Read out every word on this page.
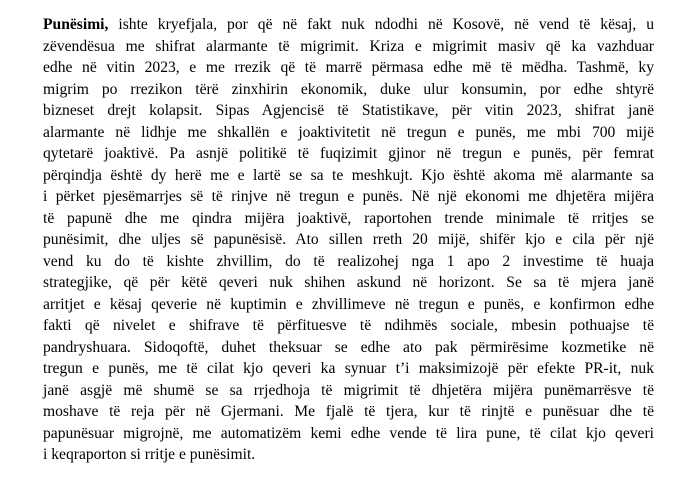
Punësimi, ishte kryefjala, por që në fakt nuk ndodhi në Kosovë, në vend të kësaj, u
zëvendësua me shifrat alarmante të migrimit. Kriza e migrimit masiv që ka vazhduar
edhe në vitin 2023, e me rrezik që të marrë përmasa edhe më të mëdha. Tashmë, ky
migrim po rrezikon tërë zinxhirin ekonomik, duke ulur konsumin, por edhe shtyrë
bizneset drejt kolapsit. Sipas Agjencisë të Statistikave, për vitin 2023, shifrat janë
alarmante në lidhje me shkallën e joaktivitetit në tregun e punës, me mbi 700 mijë
qytetarë joaktivë. Pa asnjë politikë të fuqizimit gjinor në tregun e punës, për femrat
përqindja është dy herë me e lartë se sa te meshkujt. Kjo është akoma më alarmante sa
i përket pjesëmarrjes së të rinjve në tregun e punës. Në një ekonomi me dhjetëra mijëra
të papunë dhe me qindra mijëra joaktivë, raportohen trende minimale të rritjes se
punësimit, dhe uljes së papunësisë. Ato sillen rreth 20 mijë, shifër kjo e cila për një
vend ku do të kishte zhvillim, do të realizohej nga 1 apo 2 investime të huaja
strategjike, që për këtë qeveri nuk shihen askund në horizont. Se sa të mjera janë
arritjet e kësaj qeverie në kuptimin e zhvillimeve në tregun e punës, e konfirmon edhe
fakti që nivelet e shifrave të përfituesve të ndihmës sociale, mbesin pothuajse të
pandryshuara. Sidoqoftë, duhet theksuar se edhe ato pak përmirësime kozmetike në
tregun e punës, me të cilat kjo qeveri ka synuar t’i maksimizojë për efekte PR-it, nuk
janë asgjë më shumë se sa rrjedhoja të migrimit të dhjetëra mijëra punëmarrësve të
moshave të reja për në Gjermani. Me fjalë të tjera, kur të rinjtë e punësuar dhe të
papunësuar migrojnë, me automatizëm kemi edhe vende të lira pune, të cilat kjo qeveri
i keqraporton si rritje e punësimit.
